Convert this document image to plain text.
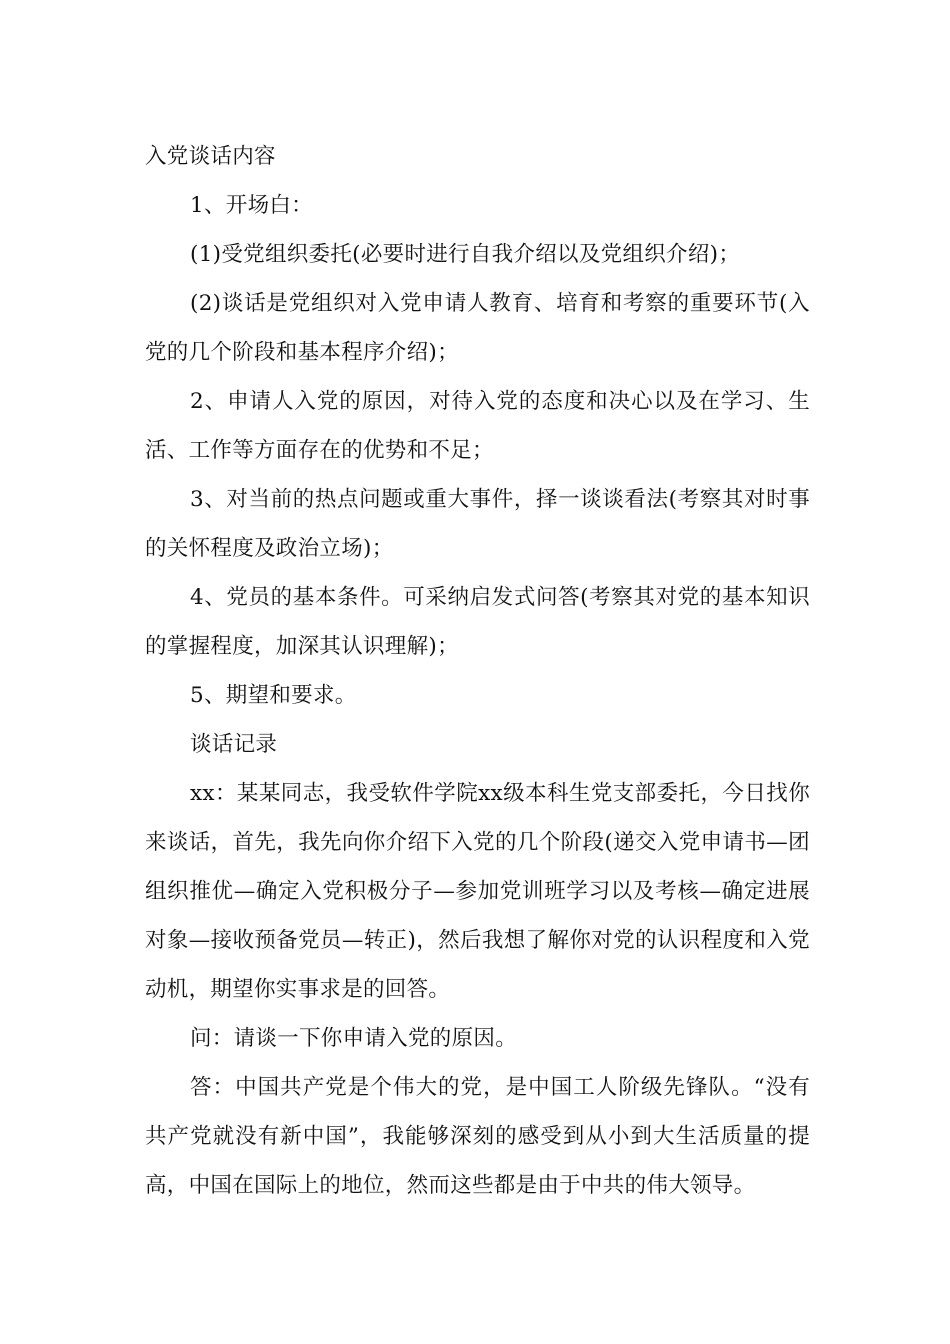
入党谈话内容

1、开场白：

(1)受党组织委托(必要时进行自我介绍以及党组织介绍)；

(2)谈话是党组织对入党申请人教育、培育和考察的重要环节(入党的几个阶段和基本程序介绍)；

2、申请人入党的原因，对待入党的态度和决心以及在学习、生活、工作等方面存在的优势和不足；

3、对当前的热点问题或重大事件，择一谈谈看法(考察其对时事的关怀程度及政治立场)；

4、党员的基本条件。可采纳启发式问答(考察其对党的基本知识的掌握程度，加深其认识理解)；

5、期望和要求。

谈话记录

xx：某某同志，我受软件学院xx级本科生党支部委托，今日找你来谈话，首先，我先向你介绍下入党的几个阶段(递交入党申请书—团组织推优—确定入党积极分子—参加党训班学习以及考核—确定进展对象—接收预备党员—转正)，然后我想了解你对党的认识程度和入党动机，期望你实事求是的回答。

问：请谈一下你申请入党的原因。

答：中国共产党是个伟大的党，是中国工人阶级先锋队。“没有共产党就没有新中国”，我能够深刻的感受到从小到大生活质量的提高，中国在国际上的地位，然而这些都是由于中共的伟大领导。
